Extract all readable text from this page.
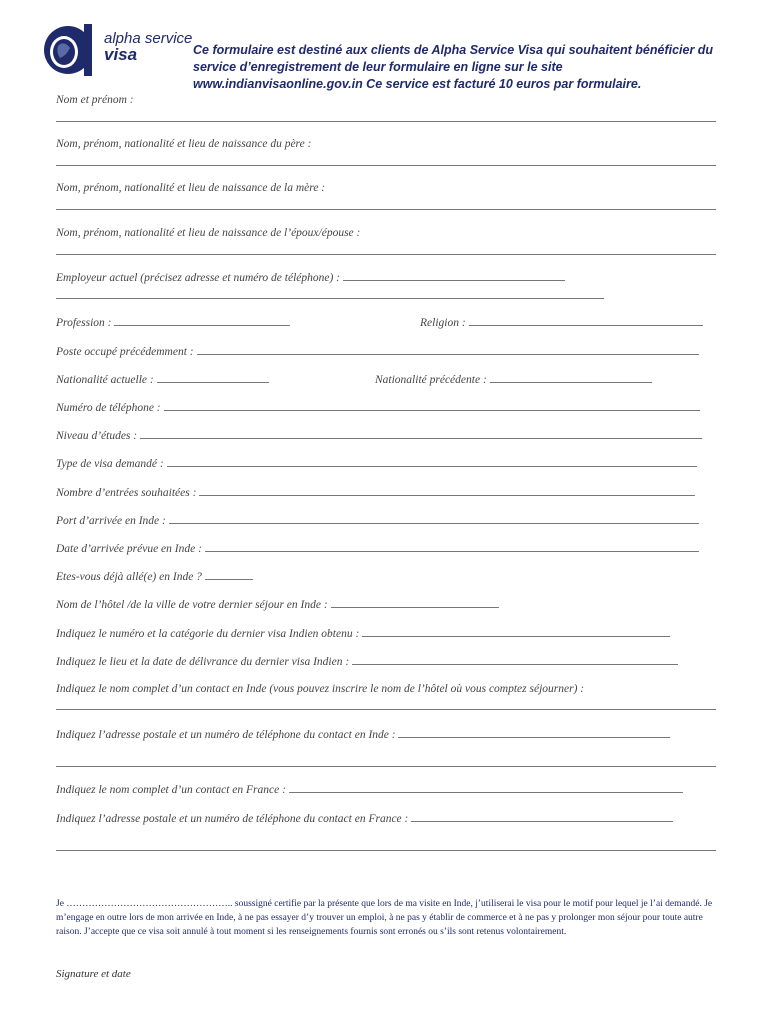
alpha service
visa	Ce formulaire est destiné aux clients de Alpha Service Visa qui souhaitent bénéficier du service d’enregistrement de leur formulaire en ligne sur le site www.indianvisaonline.gov.in Ce service est facturé 10 euros par formulaire.
Nom et prénom :
Nom, prénom, nationalité et lieu de naissance du père :
Nom, prénom, nationalité et lieu de naissance de la mère :
Nom, prénom, nationalité et lieu de naissance de l’époux/épouse :
Employeur actuel (précisez adresse et numéro de téléphone) :
Profession :	Religion :
Poste occupé précédemment :
Nationalité actuelle :	Nationalité précédente :
Numéro de téléphone :
Niveau d’études :
Type de visa demandé :
Nombre d’entrées souhaitées :
Port d’arrivée en Inde :
Date d’arrivée prévue en Inde :
Etes-vous déjà allé(e) en Inde ?
Nom de l’hôtel /de la ville de votre dernier séjour en Inde :
Indiquez le numéro et la catégorie du dernier visa Indien obtenu :
Indiquez le lieu et la date de délivrance du dernier visa Indien :
Indiquez le nom complet d’un contact en Inde (vous pouvez inscrire le nom de l’hôtel où vous comptez séjourner) :
Indiquez l’adresse postale et un numéro de téléphone du contact en Inde :
Indiquez le nom complet d’un contact en France :
Indiquez l’adresse postale et un numéro de téléphone du contact en France :
Je …………………………………………….. soussigné certifie par la présente que lors de ma visite en Inde, j’utiliserai le visa pour le motif pour lequel je l’ai demandé. Je m’engage en outre lors de mon arrivée en Inde, à ne pas essayer d’y trouver un emploi, à ne pas y établir de commerce et à ne pas y prolonger mon séjour pour toute autre raison. J’accepte que ce visa soit annulé à tout moment si les renseignements fournis sont erronés ou s’ils sont retenus volontairement.
Signature et date
